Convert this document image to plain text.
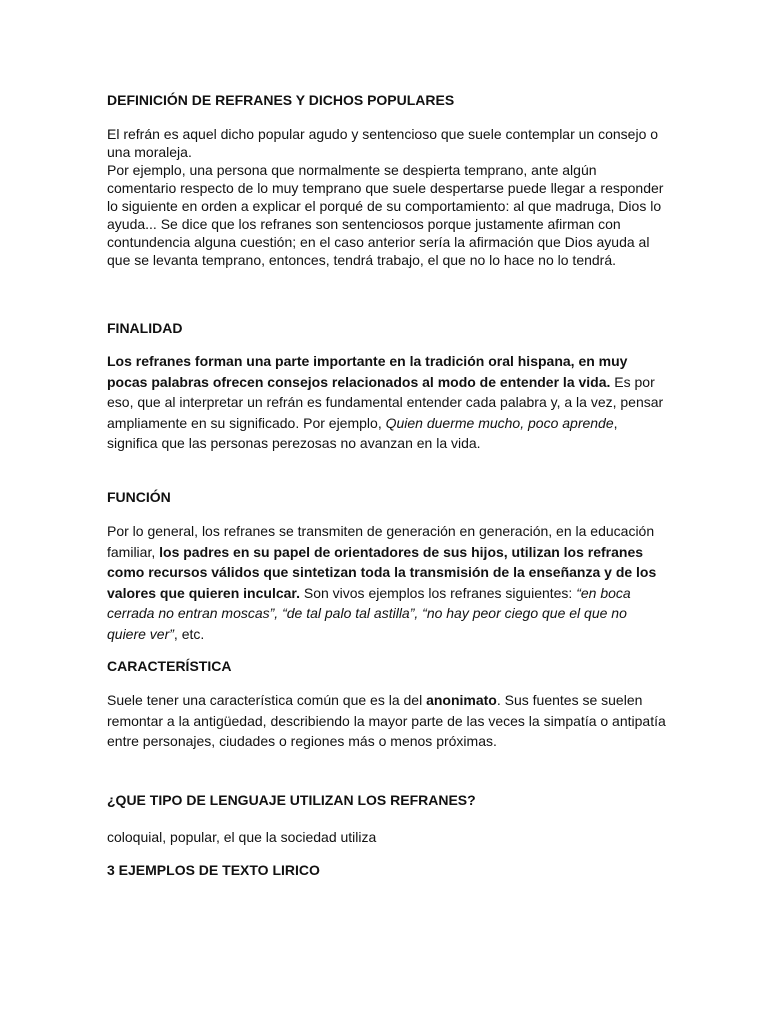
DEFINICIÓN DE REFRANES Y DICHOS POPULARES

El refrán es aquel dicho popular agudo y sentencioso que suele contemplar un consejo o una moraleja.

Por ejemplo, una persona que normalmente se despierta temprano, ante algún comentario respecto de lo muy temprano que suele despertarse puede llegar a responder lo siguiente en orden a explicar el porqué de su comportamiento: al que madruga, Dios lo ayuda... Se dice que los refranes son sentenciosos porque justamente afirman con contundencia alguna cuestión; en el caso anterior sería la afirmación que Dios ayuda al que se levanta temprano, entonces, tendrá trabajo, el que no lo hace no lo tendrá.

FINALIDAD

Los refranes forman una parte importante en la tradición oral hispana, en muy pocas palabras ofrecen consejos relacionados al modo de entender la vida. Es por eso, que al interpretar un refrán es fundamental entender cada palabra y, a la vez, pensar ampliamente en su significado. Por ejemplo, Quien duerme mucho, poco aprende, significa que las personas perezosas no avanzan en la vida.

FUNCIÓN

Por lo general, los refranes se transmiten de generación en generación, en la educación familiar, los padres en su papel de orientadores de sus hijos, utilizan los refranes como recursos válidos que sintetizan toda la transmisión de la enseñanza y de los valores que quieren inculcar. Son vivos ejemplos los refranes siguientes: “en boca cerrada no entran moscas”, “de tal palo tal astilla”, “no hay peor ciego que el que no quiere ver”, etc.

CARACTERÍSTICA

Suele tener una característica común que es la del anonimato. Sus fuentes se suelen remontar a la antigüedad, describiendo la mayor parte de las veces la simpatía o antipatía entre personajes, ciudades o regiones más o menos próximas.

¿QUE TIPO DE LENGUAJE UTILIZAN LOS REFRANES?

coloquial, popular, el que la sociedad utiliza

3 EJEMPLOS DE TEXTO LIRICO
